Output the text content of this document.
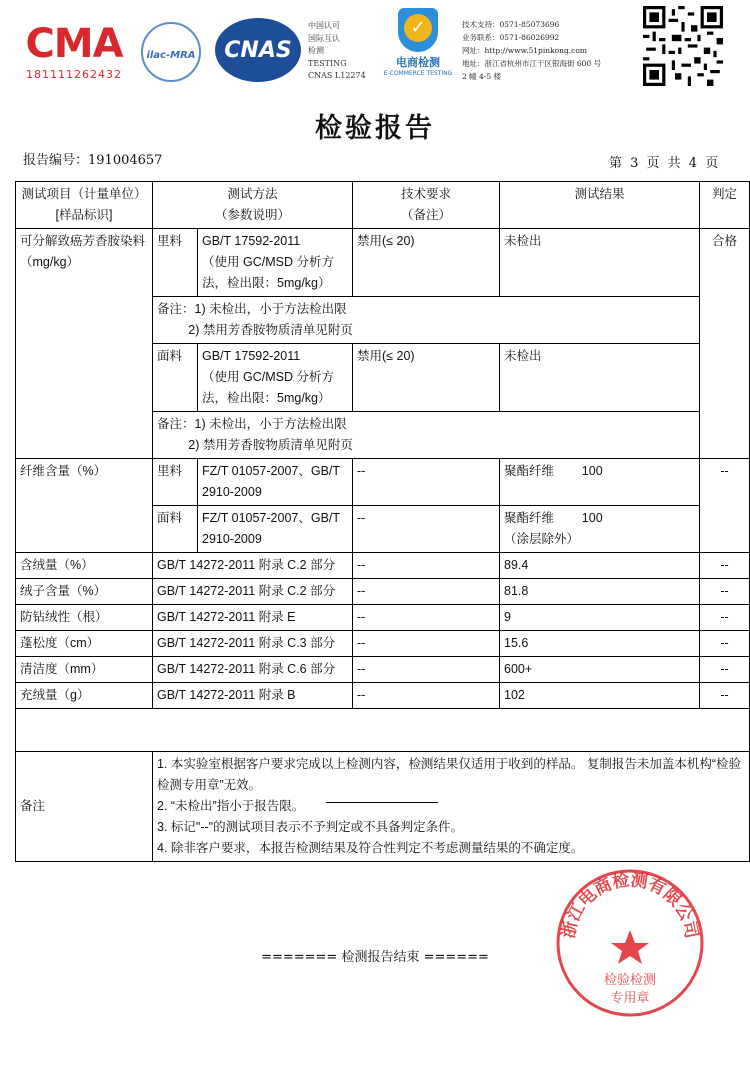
CMA
181111262432
ilac-MRA	CNAS
中国认可
国际互认
检测
TESTING
CNAS L12274
✓
电商检测
E-COMMERCE TESTING
技术支持：0571-85073696
业务联系：0571-86026992
网址：http://www.51pinkong.com
地址：浙江省杭州市江干区银海街 600 号
2 幢 4-5 楼
检验报告
报告编号：191004657	第 3 页 共 4 页
测试项目（计量单位）
[样品标识]	测试方法
（参数说明）		技术要求
（备注）	测试结果	判定
可分解致癌芳香胺染料（mg/kg）	里料	GB/T 17592-2011
（使用 GC/MSD 分析方法，检出限：5mg/kg）	禁用(≤ 20)	未检出	合格
	备注：1) 未检出，小于方法检出限
2) 禁用芳香胺物质清单见附页				
	面料	GB/T 17592-2011
（使用 GC/MSD 分析方法，检出限：5mg/kg）	禁用(≤ 20)	未检出	
	备注：1) 未检出，小于方法检出限
2) 禁用芳香胺物质清单见附页				
纤维含量（%）	里料	FZ/T 01057-2007、GB/T 2910-2009	--	聚酯纤维        100	--
	面料	FZ/T 01057-2007、GB/T 2910-2009	--	聚酯纤维        100
（涂层除外）	
含绒量（%）	GB/T 14272-2011 附录 C.2 部分		--	89.4	--
绒子含量（%）	GB/T 14272-2011 附录 C.2 部分		--	81.8	--
防钻绒性（根）	GB/T 14272-2011 附录 E		--	9	--
蓬松度（cm）	GB/T 14272-2011 附录 C.3 部分		--	15.6	--
清洁度（mm）	GB/T 14272-2011 附录 C.6 部分		--	600+	--
充绒量（g）	GB/T 14272-2011 附录 B		--	102	--

备注	1. 本实验室根据客户要求完成以上检测内容，检测结果仅适用于收到的样品。 复制报告未加盖本机构“检验检测专用章”无效。
2. “未检出”指小于报告限。
3. 标记"--"的测试项目表示不予判定或不具备判定条件。
4. 除非客户要求，本报告检测结果及符合性判定不考虑测量结果的不确定度。				
======= 检测报告结束 ======
浙江电商检测有限公司
检验检测
专用章
